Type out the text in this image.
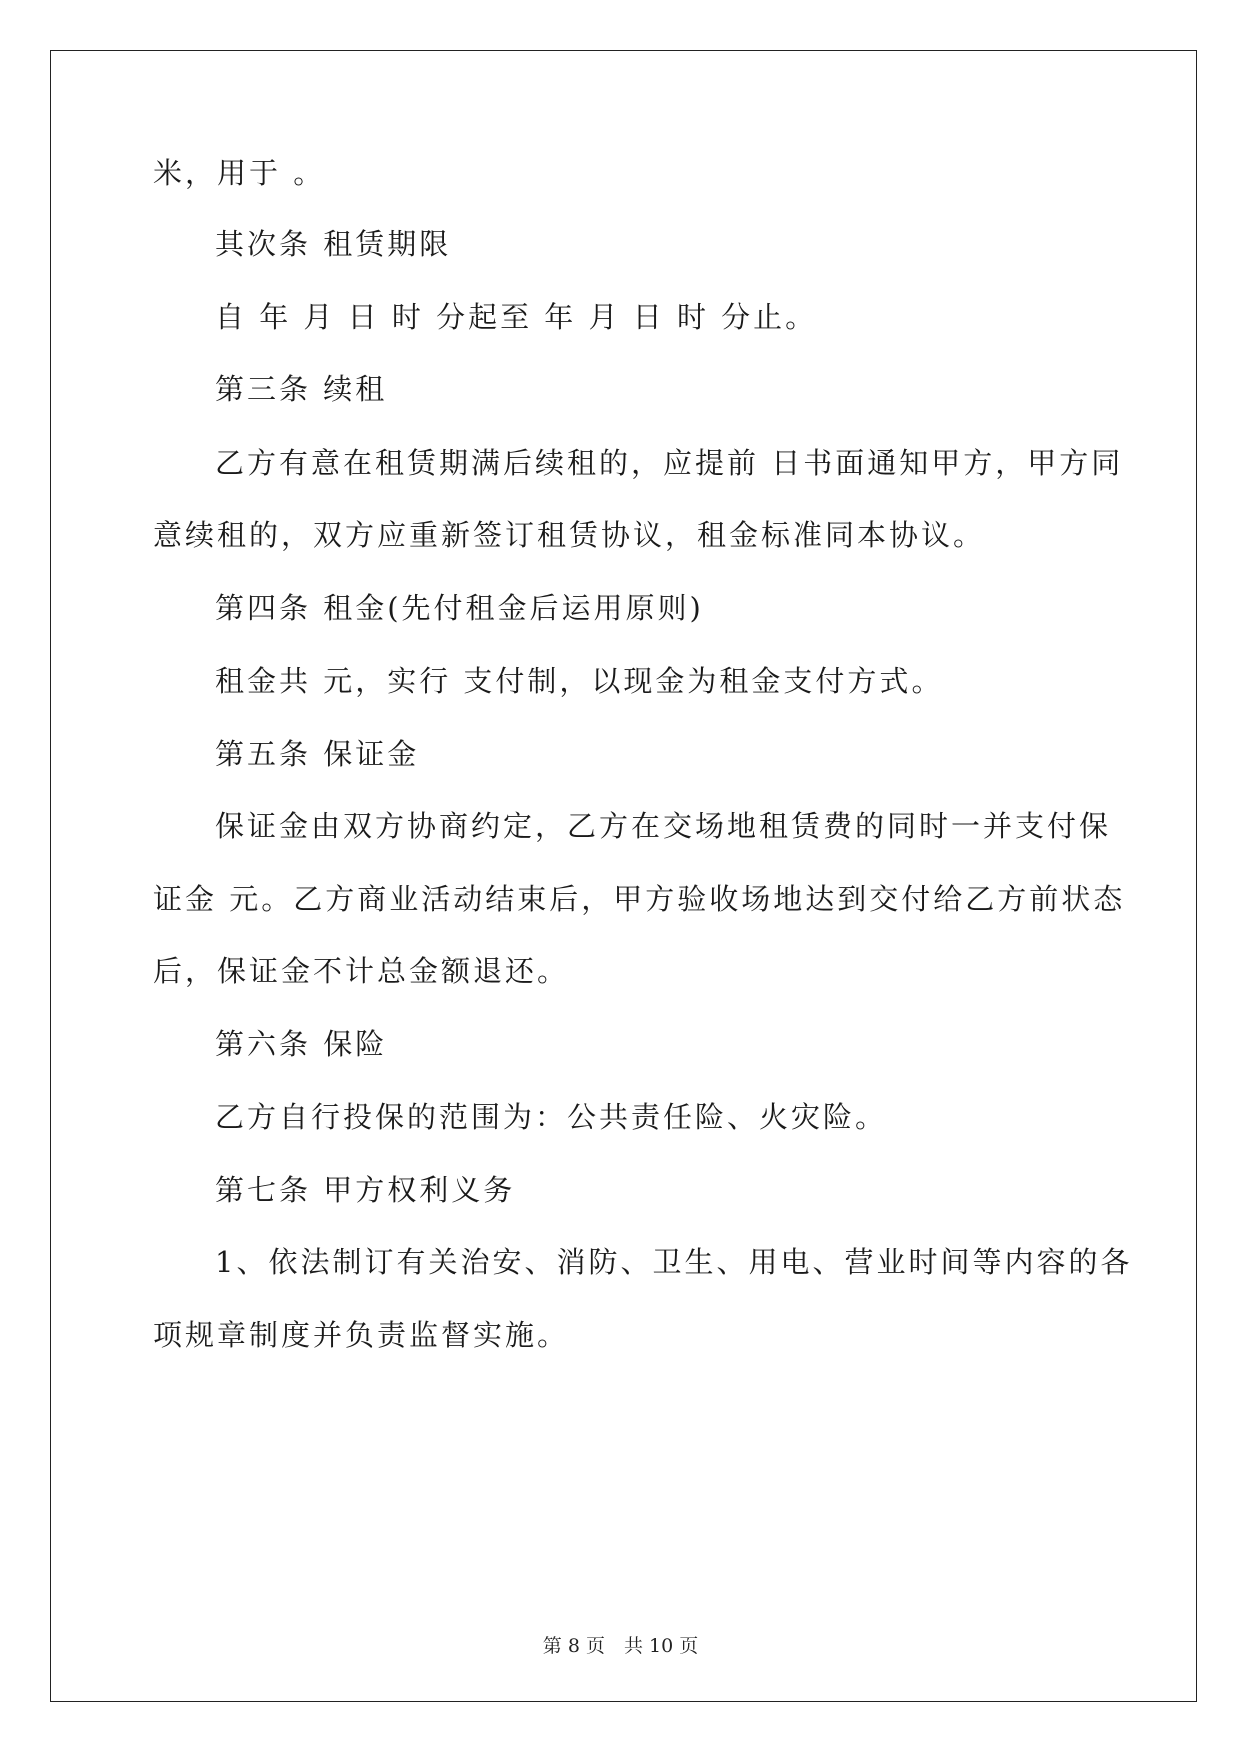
米，用于 。
其次条 租赁期限
自 年 月 日 时 分起至 年 月 日 时 分止。
第三条 续租
乙方有意在租赁期满后续租的，应提前 日书面通知甲方，甲方同
意续租的，双方应重新签订租赁协议，租金标准同本协议。
第四条 租金(先付租金后运用原则)
租金共 元，实行 支付制，以现金为租金支付方式。
第五条 保证金
保证金由双方协商约定，乙方在交场地租赁费的同时一并支付保
证金 元。乙方商业活动结束后，甲方验收场地达到交付给乙方前状态
后，保证金不计总金额退还。
第六条 保险
乙方自行投保的范围为：公共责任险、火灾险。
第七条 甲方权利义务
1、依法制订有关治安、消防、卫生、用电、营业时间等内容的各
项规章制度并负责监督实施。
第 8 页　共 10 页
